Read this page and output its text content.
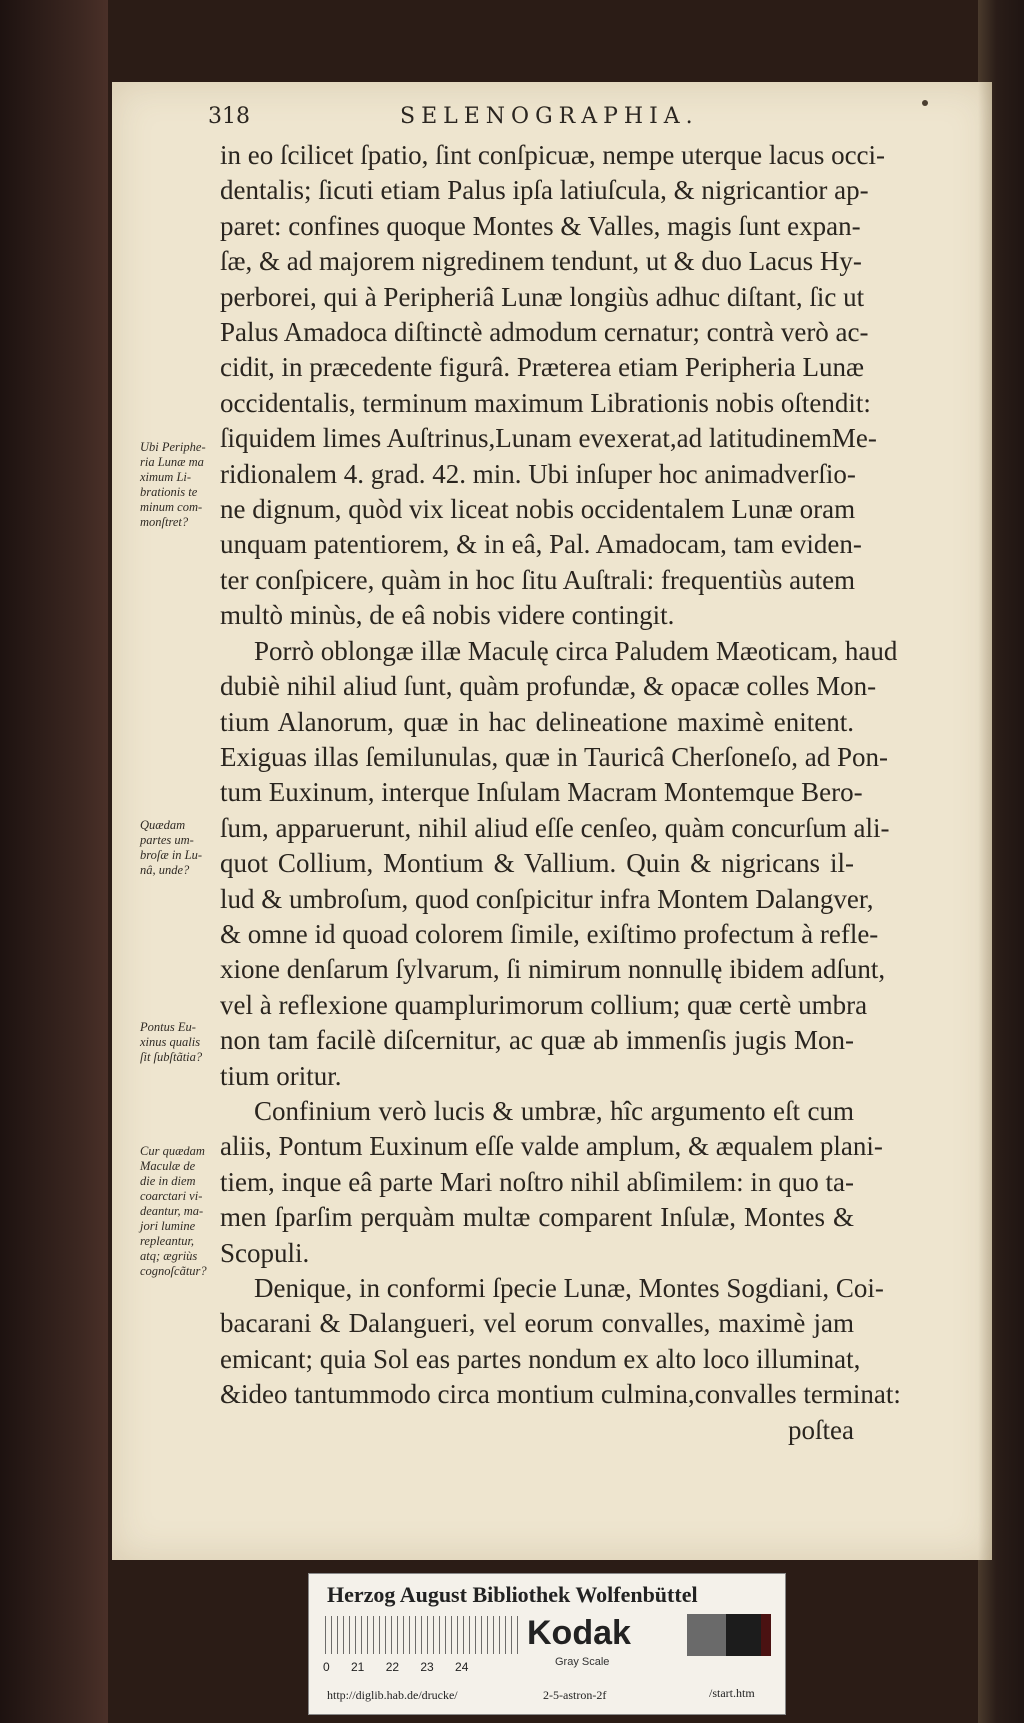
318	SELENOGRAPHIA.
in eo ſcilicet ſpatio, ſint conſpicuæ, nempe uterque lacus occi-
dentalis; ſicuti etiam Palus ipſa latiuſcula, & nigricantior ap-
paret: confines quoque Montes & Valles, magis ſunt expan-
ſæ, & ad majorem nigredinem tendunt, ut & duo Lacus Hy-
perborei, qui à Peripheriâ Lunæ longiùs adhuc diſtant, ſic ut
Palus Amadoca diſtinctè admodum cernatur; contrà verò ac-
cidit, in præcedente figurâ. Præterea etiam Peripheria Lunæ
occidentalis, terminum maximum Librationis nobis oſtendit:
ſiquidem limes Auſtrinus,Lunam evexerat,ad latitudinemMe-
ridionalem 4. grad. 42. min. Ubi inſuper hoc animadverſio-
ne dignum, quòd vix liceat nobis occidentalem Lunæ oram
unquam patentiorem, & in eâ, Pal. Amadocam, tam eviden-
ter conſpicere, quàm in hoc ſitu Auſtrali: frequentiùs autem
multò minùs, de eâ nobis videre contingit.
Porrò oblongæ illæ Maculę circa Paludem Mæoticam, haud
dubiè nihil aliud ſunt, quàm profundæ, & opacæ colles Mon-
tium Alanorum, quæ in hac delineatione maximè enitent.
Exiguas illas ſemilunulas, quæ in Tauricâ Cherſoneſo, ad Pon-
tum Euxinum, interque Inſulam Macram Montemque Bero-
ſum, apparuerunt, nihil aliud eſſe cenſeo, quàm concurſum ali-
quot Collium, Montium & Vallium. Quin & nigricans il-
lud & umbroſum, quod conſpicitur infra Montem Dalangver,
& omne id quoad colorem ſimile, exiſtimo profectum à refle-
xione denſarum ſylvarum, ſi nimirum nonnullę ibidem adſunt,
vel à reflexione quamplurimorum collium; quæ certè umbra
non tam facilè diſcernitur, ac quæ ab immenſis jugis Mon-
tium oritur.
Confinium verò lucis & umbræ, hîc argumento eſt cum
aliis, Pontum Euxinum eſſe valde amplum, & æqualem plani-
tiem, inque eâ parte Mari noſtro nihil abſimilem: in quo ta-
men ſparſim perquàm multæ comparent Inſulæ, Montes &
Scopuli.
Denique, in conformi ſpecie Lunæ, Montes Sogdiani, Coi-
bacarani & Dalangueri, vel eorum convalles, maximè jam
emicant; quia Sol eas partes nondum ex alto loco illuminat,
&ideo tantummodo circa montium culmina,convalles terminat:
poſtea
Ubi Periphe-
ria Lunæ ma
ximum Li-
brationis te
minum com-
monſtret?
Quædam
partes um-
broſæ in Lu-
nâ, unde?
Pontus Eu-
xinus qualis
ſit ſubſtãtia?
Cur quædam
Maculæ de
die in diem
coarctari vi-
deantur, ma-
jori lumine
repleantur,
atq; ægriùs
cognoſcãtur?
Herzog August Bibliothek Wolfenbüttel
0 21 22 23 24
Kodak
Gray Scale
http://diglib.hab.de/drucke/	2-5-astron-2f	/start.htm
